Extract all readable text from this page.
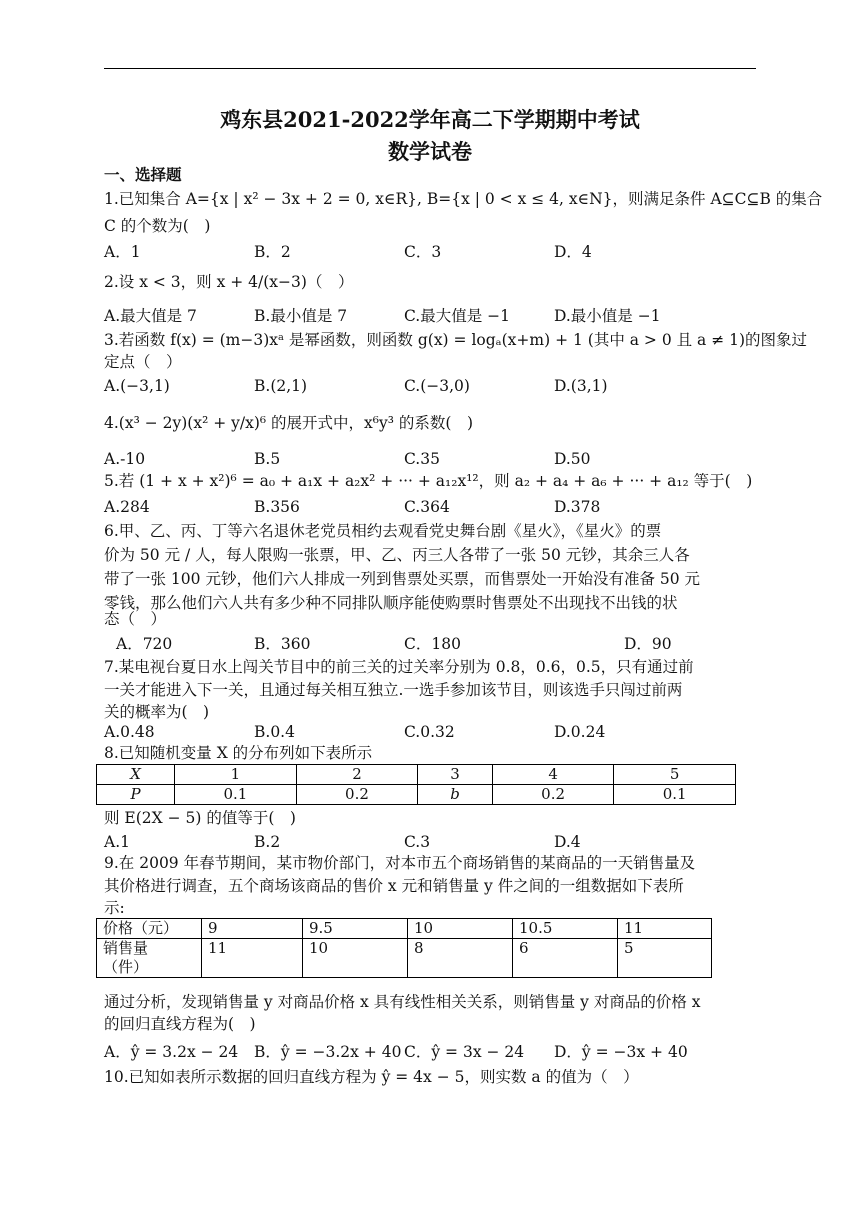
鸡东县2021-2022学年高二下学期期中考试
数学试卷
一、选择题
1.已知集合 A={x | x² − 3x + 2 = 0, x∈R}, B={x | 0 < x ≤ 4, x∈N}，则满足条件 A⊆C⊆B 的集合
C 的个数为(　)
A．1	B．2	C．3	D．4
2.设 x < 3，则 x + 4/(x−3)（　）
A.最大值是 7	B.最小值是 7	C.最大值是 −1	D.最小值是 −1
3.若函数 f(x) = (m−3)xᵃ 是幂函数，则函数 g(x) = logₐ(x+m) + 1 (其中 a > 0 且 a ≠ 1)的图象过
定点（　）
A.(−3,1)	B.(2,1)	C.(−3,0)	D.(3,1)
4.(x³ − 2y)(x² + y/x)⁶ 的展开式中，x⁶y³ 的系数(　)
A.-10	B.5	C.35	D.50
5.若 (1 + x + x²)⁶ = a₀ + a₁x + a₂x² + ··· + a₁₂x¹²，则 a₂ + a₄ + a₆ + ··· + a₁₂ 等于(　)
A.284	B.356	C.364	D.378
6.甲、乙、丙、丁等六名退休老党员相约去观看党史舞台剧《星火》，《星火》的票
价为 50 元 / 人，每人限购一张票，甲、乙、丙三人各带了一张 50 元钞，其余三人各
带了一张 100 元钞，他们六人排成一列到售票处买票，而售票处一开始没有准备 50 元
零钱，那么他们六人共有多少种不同排队顺序能使购票时售票处不出现找不出钱的状
态（　）
A．720	B．360	C．180	D．90
7.某电视台夏日水上闯关节目中的前三关的过关率分别为 0.8，0.6，0.5，只有通过前
一关才能进入下一关，且通过每关相互独立.一选手参加该节目，则该选手只闯过前两
关的概率为(　)
A.0.48	B.0.4	C.0.32	D.0.24
8.已知随机变量 X 的分布列如下表所示
X	1	2	3	4	5
P	0.1	0.2	b	0.2	0.1
则 E(2X − 5) 的值等于(　)
A.1	B.2	C.3	D.4
9.在 2009 年春节期间，某市物价部门，对本市五个商场销售的某商品的一天销售量及
其价格进行调查，五个商场该商品的售价 x 元和销售量 y 件之间的一组数据如下表所
示:
价格（元）	9	9.5	10	10.5	11

销售量
（件）	11	10	8	6	5
通过分析，发现销售量 y 对商品价格 x 具有线性相关关系，则销售量 y 对商品的价格 x
的回归直线方程为(　)
A．ŷ = 3.2x − 24 B．ŷ = −3.2x + 40 C．ŷ = 3x − 24 D．ŷ = −3x + 40
10.已知如表所示数据的回归直线方程为 ŷ = 4x − 5，则实数 a 的值为（　）
